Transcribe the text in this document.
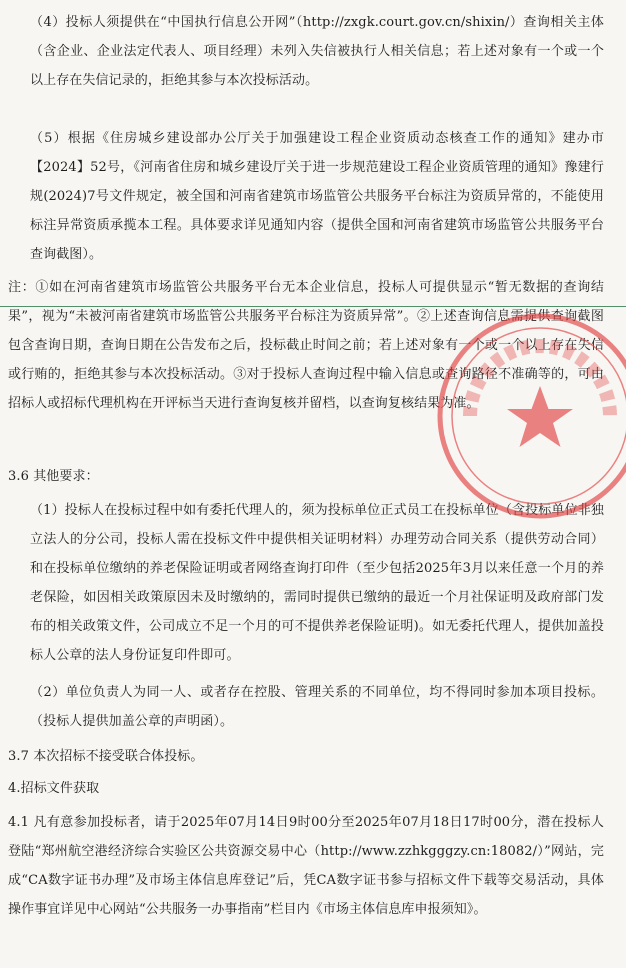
（4）投标人须提供在“中国执行信息公开网”（http://zxgk.court.gov.cn/shixin/）查询相关主体（含企业、企业法定代表人、项目经理）未列入失信被执行人相关信息；若上述对象有一个或一个以上存在失信记录的，拒绝其参与本次投标活动。

（5）根据《住房城乡建设部办公厅关于加强建设工程企业资质动态核查工作的通知》建办市【2024】52号，《河南省住房和城乡建设厅关于进一步规范建设工程企业资质管理的通知》豫建行规(2024)7号文件规定，被全国和河南省建筑市场监管公共服务平台标注为资质异常的，不能使用标注异常资质承揽本工程。具体要求详见通知内容（提供全国和河南省建筑市场监管公共服务平台查询截图）。

注：①如在河南省建筑市场监管公共服务平台无本企业信息，投标人可提供显示“暂无数据的查询结果”，视为“未被河南省建筑市场监管公共服务平台标注为资质异常”。②上述查询信息需提供查询截图包含查询日期，查询日期在公告发布之后，投标截止时间之前；若上述对象有一个或一个以上存在失信或行贿的，拒绝其参与本次投标活动。③对于投标人查询过程中输入信息或查询路径不准确等的，可由招标人或招标代理机构在开评标当天进行查询复核并留档，以查询复核结果为准。

3.6 其他要求：

（1）投标人在投标过程中如有委托代理人的，须为投标单位正式员工在投标单位（含投标单位非独立法人的分公司，投标人需在投标文件中提供相关证明材料）办理劳动合同关系（提供劳动合同）和在投标单位缴纳的养老保险证明或者网络查询打印件（至少包括2025年3月以来任意一个月的养老保险，如因相关政策原因未及时缴纳的，需同时提供已缴纳的最近一个月社保证明及政府部门发布的相关政策文件，公司成立不足一个月的可不提供养老保险证明)。如无委托代理人，提供加盖投标人公章的法人身份证复印件即可。

（2）单位负责人为同一人、或者存在控股、管理关系的不同单位，均不得同时参加本项目投标。（投标人提供加盖公章的声明函）。

3.7 本次招标不接受联合体投标。

4.招标文件获取

4.1 凡有意参加投标者，请于2025年07月14日9时00分至2025年07月18日17时00分，潜在投标人登陆“郑州航空港经济综合实验区公共资源交易中心（http://www.zzhkgggzy.cn:18082/）”网站，完成“CA数字证书办理”及市场主体信息库登记”后，凭CA数字证书参与招标文件下载等交易活动，具体操作事宜详见中心网站“公共服务一办事指南”栏目内《市场主体信息库申报须知》。
